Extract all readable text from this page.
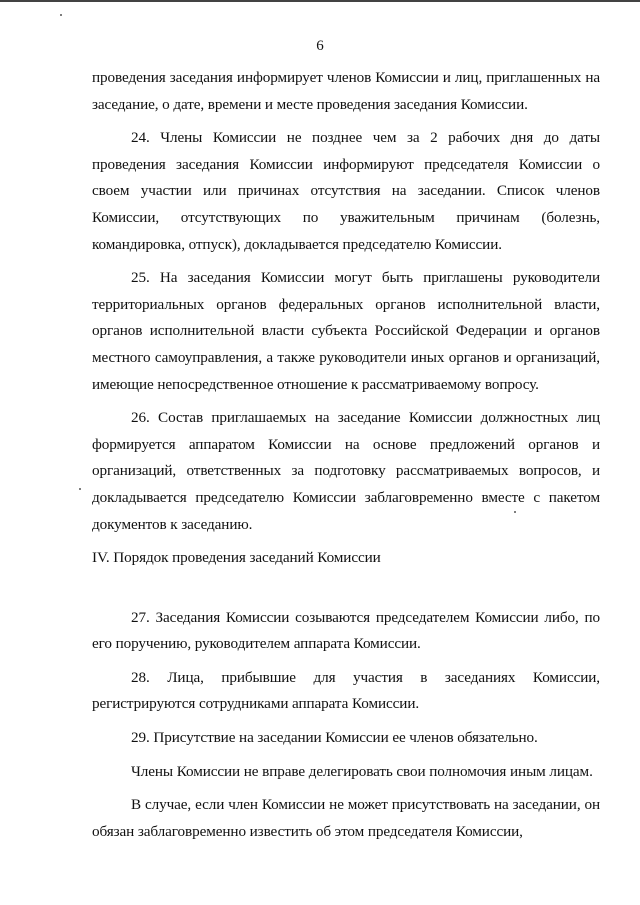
6

проведения заседания информирует членов Комиссии и лиц, приглашенных на заседание, о дате, времени и месте проведения заседания Комиссии.

24. Члены Комиссии не позднее чем за 2 рабочих дня до даты проведения заседания Комиссии информируют председателя Комиссии о своем участии или причинах отсутствия на заседании. Список членов Комиссии, отсутствующих по уважительным причинам (болезнь, командировка, отпуск), докладывается председателю Комиссии.

25. На заседания Комиссии могут быть приглашены руководители территориальных органов федеральных органов исполнительной власти, органов исполнительной власти субъекта Российской Федерации и органов местного самоуправления, а также руководители иных органов и организаций, имеющие непосредственное отношение к рассматриваемому вопросу.

26. Состав приглашаемых на заседание Комиссии должностных лиц формируется аппаратом Комиссии на основе предложений органов и организаций, ответственных за подготовку рассматриваемых вопросов, и докладывается председателю Комиссии заблаговременно вместе с пакетом документов к заседанию.

IV. Порядок проведения заседаний Комиссии

27. Заседания Комиссии созываются председателем Комиссии либо, по его поручению, руководителем аппарата Комиссии.

28. Лица, прибывшие для участия в заседаниях Комиссии, регистрируются сотрудниками аппарата Комиссии.

29. Присутствие на заседании Комиссии ее членов обязательно.

Члены Комиссии не вправе делегировать свои полномочия иным лицам.

В случае, если член Комиссии не может присутствовать на заседании, он обязан заблаговременно известить об этом председателя Комиссии,
